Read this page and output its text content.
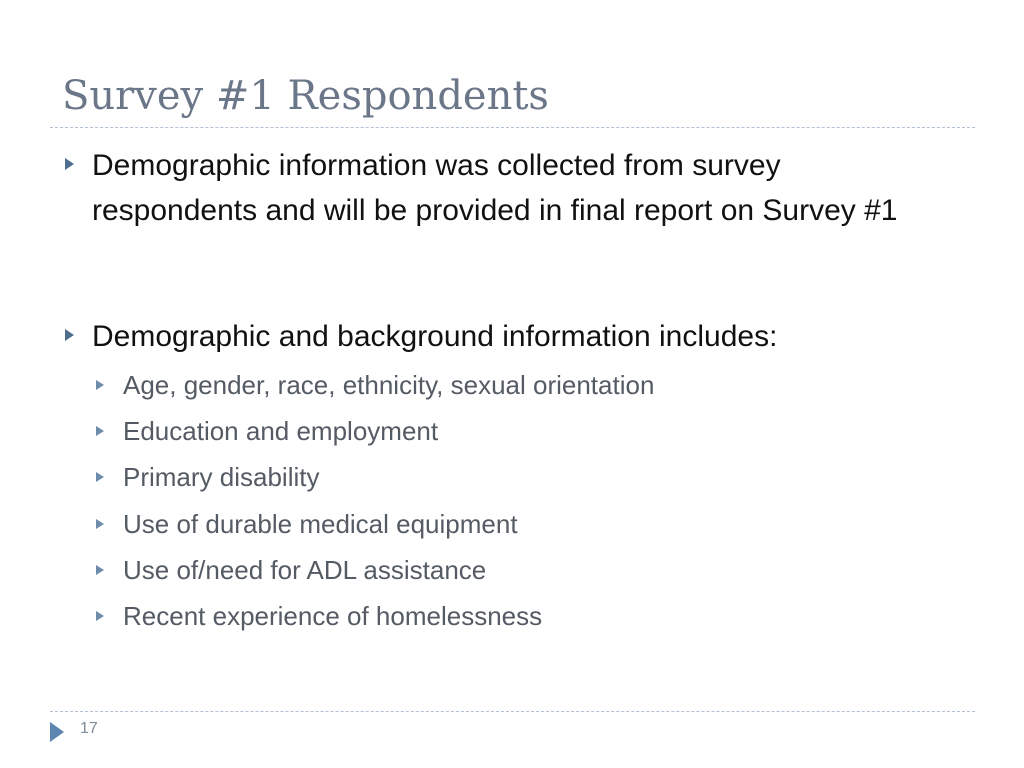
Survey #1 Respondents
Demographic information was collected from survey respondents and will be provided in final report on Survey #1
Demographic and background information includes:
Age, gender, race, ethnicity, sexual orientation
Education and employment
Primary disability
Use of durable medical equipment
Use of/need for ADL assistance
Recent experience of homelessness
17
